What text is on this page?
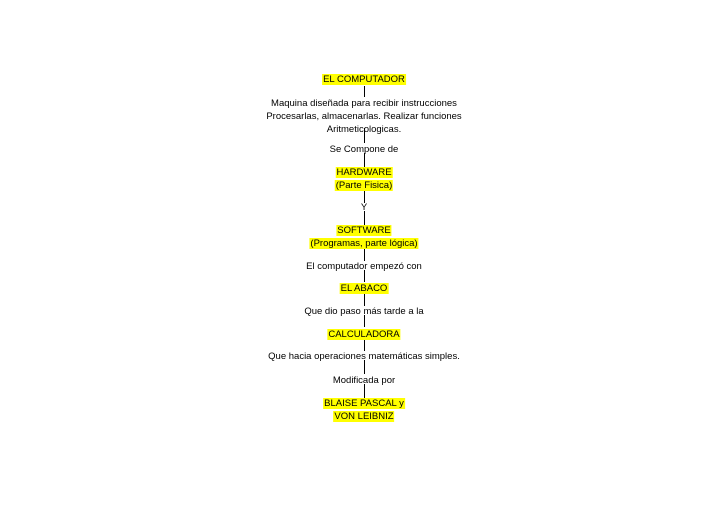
EL COMPUTADOR
Maquina diseñada para recibir instrucciones
Procesarlas, almacenarlas. Realizar funciones
Aritmeticologicas.
Se Compone de
HARDWARE
(Parte Fisica)
Y
SOFTWARE
(Programas, parte lógica)
El computador empezó con
EL ABACO
Que dio paso más tarde a la
CALCULADORA
Que hacia operaciones matemáticas simples.
Modificada por
BLAISE PASCAL y
VON LEIBNIZ
